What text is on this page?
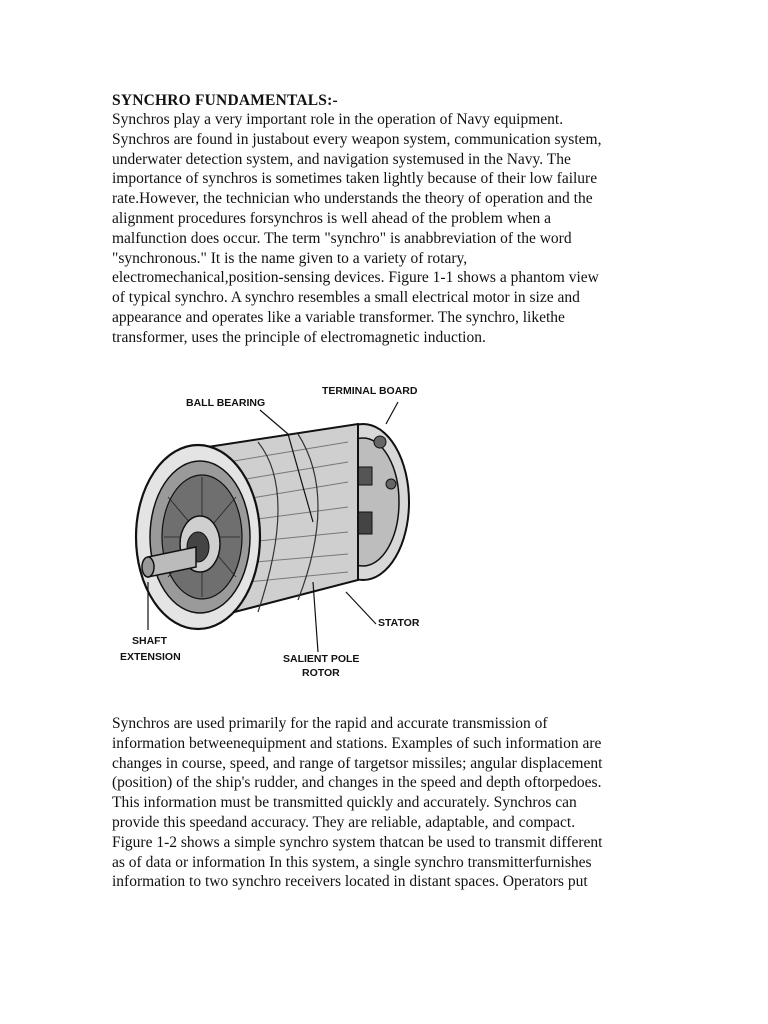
SYNCHRO FUNDAMENTALS:-
Synchros play a very important role in the operation of Navy equipment.
Synchros are found in justabout every weapon system, communication system,
underwater detection system, and navigation systemused in the Navy. The
importance of synchros is sometimes taken lightly because of their low failure
rate.However, the technician who understands the theory of operation and the
alignment procedures forsynchros is well ahead of the problem when a
malfunction does occur. The term "synchro" is anabbreviation of the word
"synchronous." It is the name given to a variety of rotary,
electromechanical,position-sensing devices. Figure 1-1 shows a phantom view
of typical synchro. A synchro resembles a small electrical motor in size and
appearance and operates like a variable transformer. The synchro, likethe
transformer, uses the principle of electromagnetic induction.
TERMINAL BOARD
BALL BEARING
STATOR
SHAFT
EXTENSION	SALIENT POLE
ROTOR
Synchros are used primarily for the rapid and accurate transmission of
information betweenequipment and stations. Examples of such information are
changes in course, speed, and range of targetsor missiles; angular displacement
(position) of the ship's rudder, and changes in the speed and depth oftorpedoes.
This information must be transmitted quickly and accurately. Synchros can
provide this speedand accuracy. They are reliable, adaptable, and compact.
Figure 1-2 shows a simple synchro system thatcan be used to transmit different
as of data or information In this system, a single synchro transmitterfurnishes
information to two synchro receivers located in distant spaces. Operators put
